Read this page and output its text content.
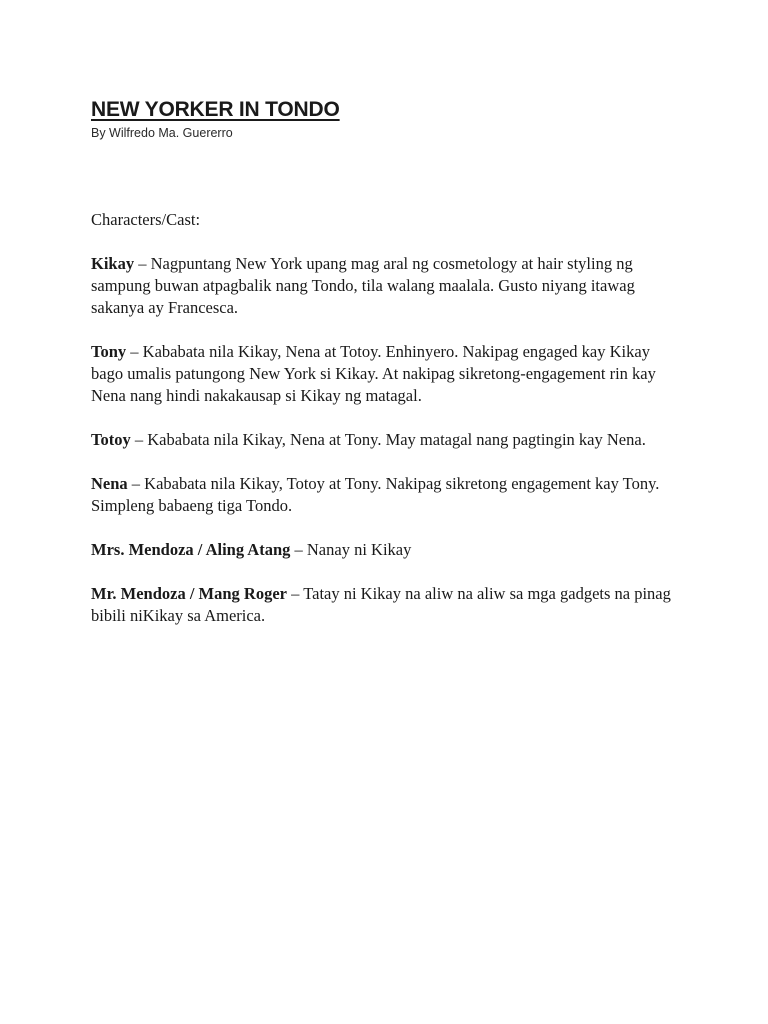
NEW YORKER IN TONDO

By Wilfredo Ma. Guererro

Characters/Cast:

Kikay – Nagpuntang New York upang mag aral ng cosmetology at hair styling ng sampung buwan atpagbalik nang Tondo, tila walang maalala. Gusto niyang itawag sakanya ay Francesca.

Tony – Kababata nila Kikay, Nena at Totoy. Enhinyero. Nakipag engaged kay Kikay bago umalis patungong New York si Kikay. At nakipag sikretong-engagement rin kay Nena nang hindi nakakausap si Kikay ng matagal.

Totoy – Kababata nila Kikay, Nena at Tony. May matagal nang pagtingin kay Nena.

Nena – Kababata nila Kikay, Totoy at Tony. Nakipag sikretong engagement kay Tony. Simpleng babaeng tiga Tondo.

Mrs. Mendoza / Aling Atang – Nanay ni Kikay

Mr. Mendoza / Mang Roger – Tatay ni Kikay na aliw na aliw sa mga gadgets na pinag bibili niKikay sa America.
